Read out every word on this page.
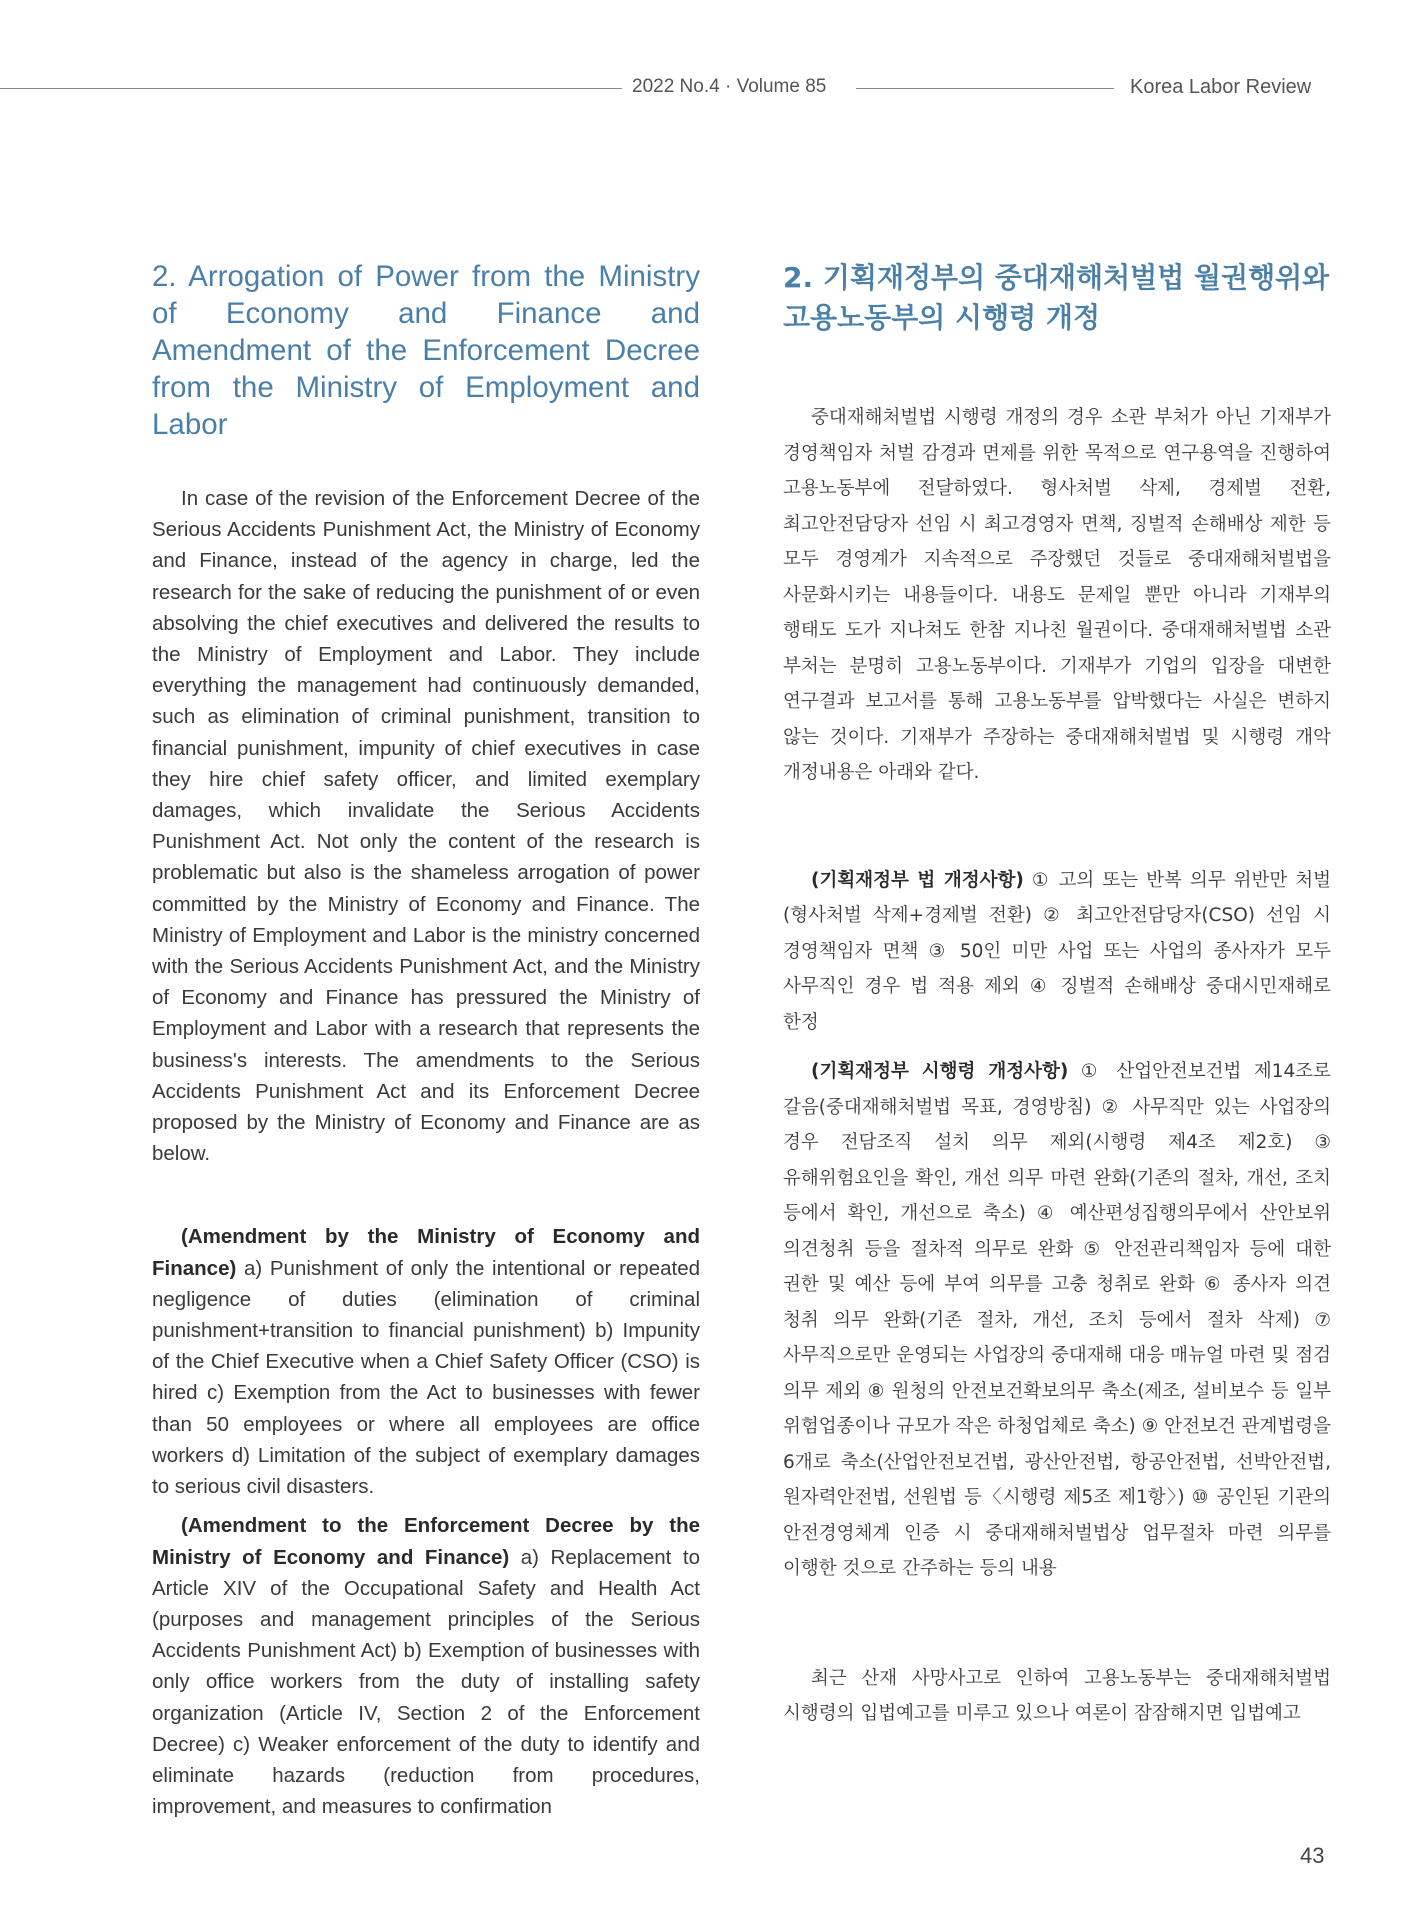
2022 No.4 · Volume 85	Korea Labor Review
2. Arrogation of Power from the Ministry of Economy and Finance and Amendment of the Enforcement Decree from the Ministry of Employment and Labor

In case of the revision of the Enforcement Decree of the Serious Accidents Punishment Act, the Ministry of Economy and Finance, instead of the agency in charge, led the research for the sake of reducing the punishment of or even absolving the chief executives and delivered the results to the Ministry of Employment and Labor. They include everything the management had continuously demanded, such as elimination of criminal punishment, transition to financial punishment, impunity of chief executives in case they hire chief safety officer, and limited exemplary damages, which invalidate the Serious Accidents Punishment Act. Not only the content of the research is problematic but also is the shameless arrogation of power committed by the Ministry of Economy and Finance. The Ministry of Employment and Labor is the ministry concerned with the Serious Accidents Punishment Act, and the Ministry of Economy and Finance has pressured the Ministry of Employment and Labor with a research that represents the business's interests. The amendments to the Serious Accidents Punishment Act and its Enforcement Decree proposed by the Ministry of Economy and Finance are as below.

(Amendment by the Ministry of Economy and Finance) a) Punishment of only the intentional or repeated negligence of duties (elimination of criminal punishment+transition to financial punishment) b) Impunity of the Chief Executive when a Chief Safety Officer (CSO) is hired c) Exemption from the Act to businesses with fewer than 50 employees or where all employees are office workers d) Limitation of the subject of exemplary damages to serious civil disasters.

(Amendment to the Enforcement Decree by the Ministry of Economy and Finance) a) Replacement to Article XIV of the Occupational Safety and Health Act (purposes and management principles of the Serious Accidents Punishment Act) b) Exemption of businesses with only office workers from the duty of installing safety organization (Article IV, Section 2 of the Enforcement Decree) c) Weaker enforcement of the duty to identify and eliminate hazards (reduction from procedures, improvement, and measures to confirmation

2. 기획재정부의 중대재해처벌법 월권행위와 고용노동부의 시행령 개정

중대재해처벌법 시행령 개정의 경우 소관 부처가 아닌 기재부가 경영책임자 처벌 감경과 면제를 위한 목적으로 연구용역을 진행하여 고용노동부에 전달하였다. 형사처벌 삭제, 경제벌 전환, 최고안전담당자 선임 시 최고경영자 면책, 징벌적 손해배상 제한 등 모두 경영계가 지속적으로 주장했던 것들로 중대재해처벌법을 사문화시키는 내용들이다. 내용도 문제일 뿐만 아니라 기재부의 행태도 도가 지나쳐도 한참 지나친 월권이다. 중대재해처벌법 소관 부처는 분명히 고용노동부이다. 기재부가 기업의 입장을 대변한 연구결과 보고서를 통해 고용노동부를 압박했다는 사실은 변하지 않는 것이다. 기재부가 주장하는 중대재해처벌법 및 시행령 개악 개정내용은 아래와 같다.

(기획재정부 법 개정사항) ① 고의 또는 반복 의무 위반만 처벌(형사처벌 삭제+경제벌 전환) ② 최고안전담당자(CSO) 선임 시 경영책임자 면책 ③ 50인 미만 사업 또는 사업의 종사자가 모두 사무직인 경우 법 적용 제외 ④ 징벌적 손해배상 중대시민재해로 한정

(기획재정부 시행령 개정사항) ① 산업안전보건법 제14조로 갈음(중대재해처벌법 목표, 경영방침) ② 사무직만 있는 사업장의 경우 전담조직 설치 의무 제외(시행령 제4조 제2호) ③ 유해위험요인을 확인, 개선 의무 마련 완화(기존의 절차, 개선, 조치 등에서 확인, 개선으로 축소) ④ 예산편성집행의무에서 산안보위 의견청취 등을 절차적 의무로 완화 ⑤ 안전관리책임자 등에 대한 권한 및 예산 등에 부여 의무를 고충 청취로 완화 ⑥ 종사자 의견 청취 의무 완화(기존 절차, 개선, 조치 등에서 절차 삭제) ⑦ 사무직으로만 운영되는 사업장의 중대재해 대응 매뉴얼 마련 및 점검 의무 제외 ⑧ 원청의 안전보건확보의무 축소(제조, 설비보수 등 일부 위험업종이나 규모가 작은 하청업체로 축소) ⑨ 안전보건 관계법령을 6개로 축소(산업안전보건법, 광산안전법, 항공안전법, 선박안전법, 원자력안전법, 선원법 등〈시행령 제5조 제1항〉) ⑩ 공인된 기관의 안전경영체계 인증 시 중대재해처벌법상 업무절차 마련 의무를 이행한 것으로 간주하는 등의 내용

최근 산재 사망사고로 인하여 고용노동부는 중대재해처벌법 시행령의 입법예고를 미루고 있으나 여론이 잠잠해지면 입법예고

43
